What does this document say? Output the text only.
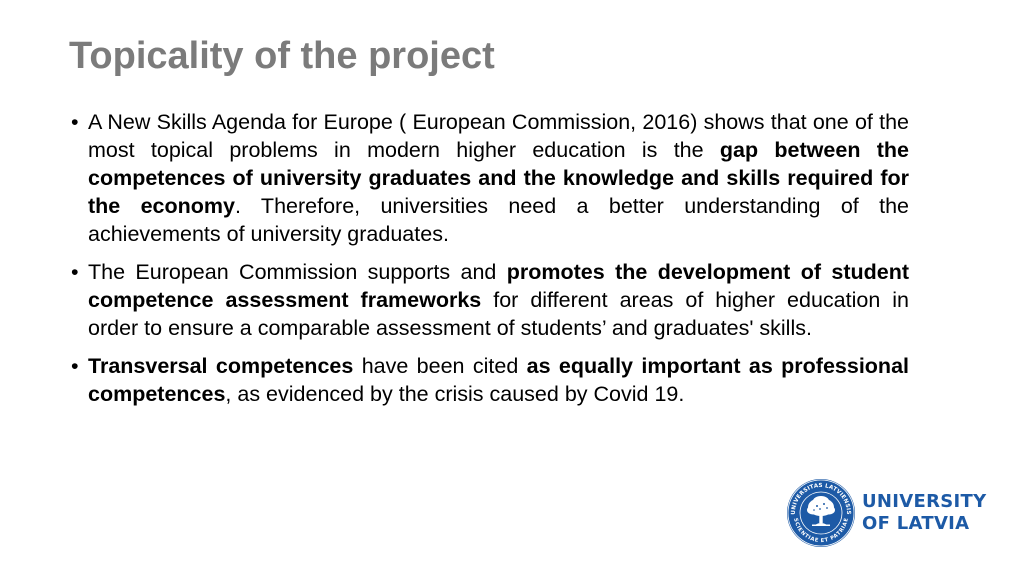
Topicality of the project
• A New Skills Agenda for Europe ( European Commission, 2016) shows that one of the most topical problems in modern higher education is the gap between the competences of university graduates and the knowledge and skills required for the economy. Therefore, universities need a better understanding of the achievements of university graduates.
• The European Commission supports and promotes the development of student competence assessment frameworks for different areas of higher education in order to ensure a comparable assessment of students’ and graduates' skills.
• Transversal competences have been cited as equally important as professional competences, as evidenced by the crisis caused by Covid 19.
UNIVERSITAS LATVIENSIS
SCIENTIAE ET PATRIAE
UNIVERSITY
OF LATVIA
